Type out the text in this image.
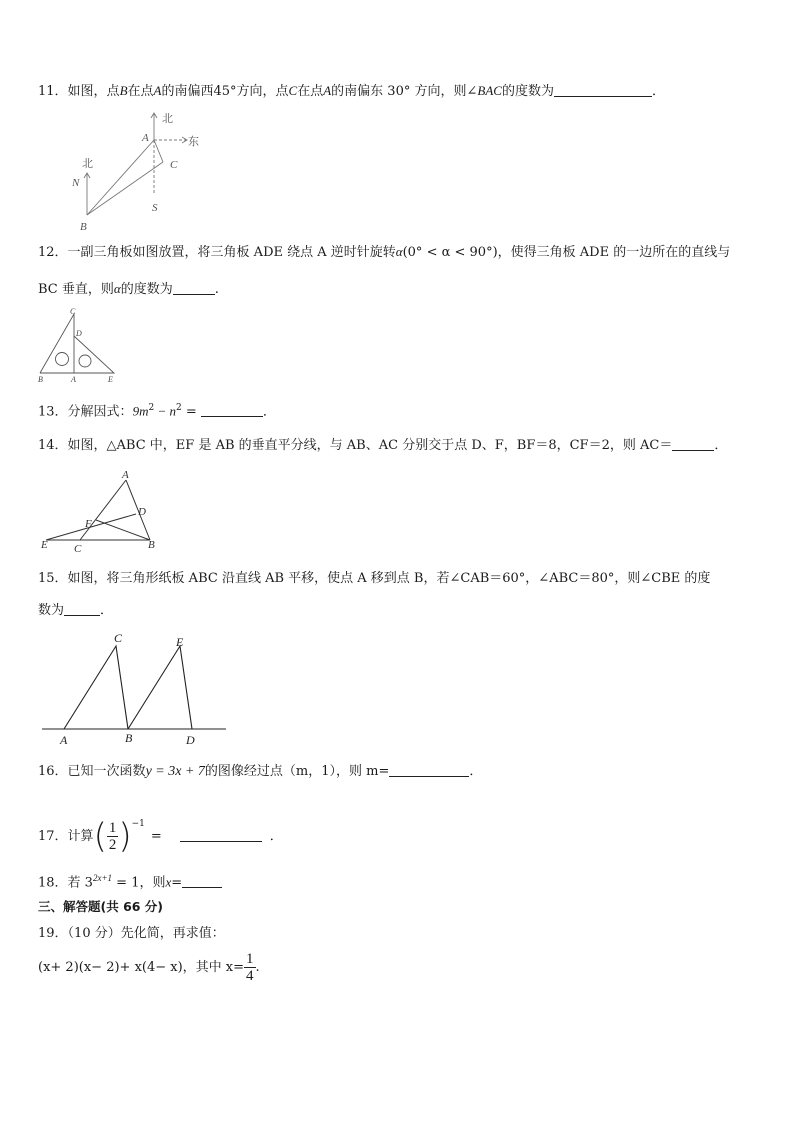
11．如图，点B在点A的南偏西45°方向，点C在点A的南偏东 30° 方向，则∠BAC的度数为	．
北
东
A
C
北
N
S
B
12．一副三角板如图放置，将三角板 ADE 绕点 A 逆时针旋转α(0° < α < 90°)，使得三角板 ADE 的一边所在的直线与
BC 垂直，则α的度数为	.
C
D
B	A	E
13．分解因式：$9m^2 - n^2$ =	．
14．如图，△ABC 中，EF 是 AB 的垂直平分线，与 AB、AC 分别交于点 D、F，BF＝8，CF＝2，则 AC＝	．
A
D
F
E C	B
15．如图，将三角形纸板 ABC 沿直线 AB 平移，使点 A 移到点 B，若∠CAB＝60°，∠ABC＝80°，则∠CBE 的度
数为	．
C	E
A	B	D
16．已知一次函数y = 3x + 7的图像经过点（m，1），则 m=	．
17．计算( $\frac{1}{2} )^{-1}=$	．
18．若 $3^{2x+1} = 1$，则x=
三、解答题(共 66 分)
19．（10 分）先化简，再求值：
(x+ 2)(x− 2)+ x(4− x)，其中 $x= \frac{1}{4}$ .
